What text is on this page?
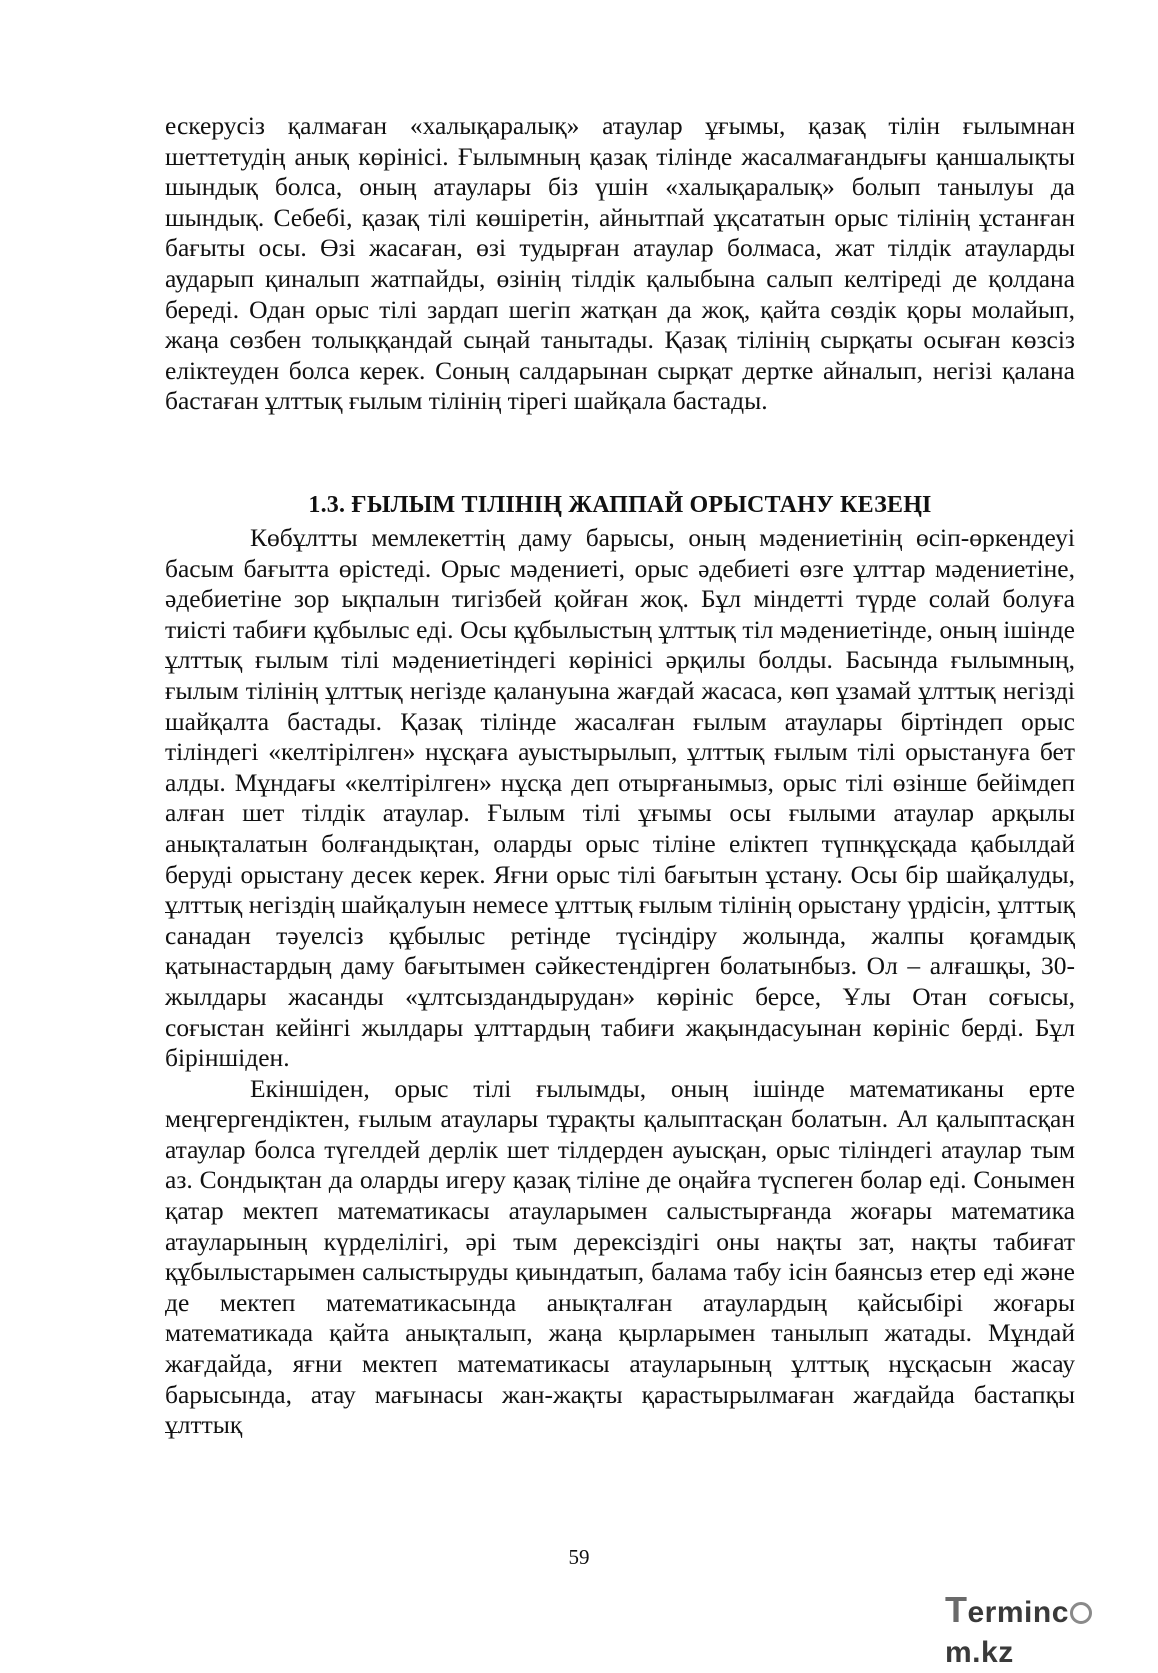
ескерусіз қалмаған «халықаралық» атаулар ұғымы, қазақ тілін ғылымнан шеттетудің анық көрінісі. Ғылымның қазақ тілінде жасалмағандығы қаншалықты шындық болса, оның атаулары біз үшін «халықаралық» болып танылуы да шындық. Себебі, қазақ тілі көшіретін, айнытпай ұқсататын орыс тілінің ұстанған бағыты осы. Өзі жасаған, өзі тудырған атаулар болмаса, жат тілдік атауларды аударып қиналып жатпайды, өзінің тілдік қалыбына салып келтіреді де қолдана береді. Одан орыс тілі зардап шегіп жатқан да жоқ, қайта сөздік қоры молайып, жаңа сөзбен толыққандай сыңай танытады. Қазақ тілінің сырқаты осыған көзсіз еліктеуден болса керек. Соның салдарынан сырқат дертке айналып, негізі қалана бастаған ұлттық ғылым тілінің тірегі шайқала бастады.
1.3. ҒЫЛЫМ ТІЛІНІҢ ЖАППАЙ ОРЫСТАНУ КЕЗЕҢІ

Көбұлтты мемлекеттің даму барысы, оның мәдениетінің өсіп-өркендеуі басым бағытта өрістеді. Орыс мәдениеті, орыс әдебиеті өзге ұлттар мәдениетіне, әдебиетіне зор ықпалын тигізбей қойған жоқ. Бұл міндетті түрде солай болуға тиісті табиғи құбылыс еді. Осы құбылыстың ұлттық тіл мәдениетінде, оның ішінде ұлттық ғылым тілі мәдениетіндегі көрінісі әрқилы болды. Басында ғылымның, ғылым тілінің ұлттық негізде қалануына жағдай жасаса, көп ұзамай ұлттық негізді шайқалта бастады. Қазақ тілінде жасалған ғылым атаулары біртіндеп орыс тіліндегі «келтірілген» нұсқаға ауыстырылып, ұлттық ғылым тілі орыстануға бет алды. Мұндағы «келтірілген» нұсқа деп отырғанымыз, орыс тілі өзінше бейімдеп алған шет тілдік атаулар. Ғылым тілі ұғымы осы ғылыми атаулар арқылы анықталатын болғандықтан, оларды орыс тіліне еліктеп түпнқұсқада қабылдай беруді орыстану десек керек. Яғни орыс тілі бағытын ұстану. Осы бір шайқалуды, ұлттық негіздің шайқалуын немесе ұлттық ғылым тілінің орыстану үрдісін, ұлттық санадан тәуелсіз құбылыс ретінде түсіндіру жолында, жалпы қоғамдық қатынастардың даму бағытымен сәйкестендірген болатынбыз. Ол – алғашқы, 30-жылдары жасанды «ұлтсыздандырудан» көрініс берсе, Ұлы Отан соғысы, соғыстан кейінгі жылдары ұлттардың табиғи жақындасуынан көрініс берді. Бұл біріншіден.

Екіншіден, орыс тілі ғылымды, оның ішінде математиканы ерте меңгергендіктен, ғылым атаулары тұрақты қалыптасқан болатын. Ал қалыптасқан атаулар болса түгелдей дерлік шет тілдерден ауысқан, орыс тіліндегі атаулар тым аз. Сондықтан да оларды игеру қазақ тіліне де оңайға түспеген болар еді. Сонымен қатар мектеп математикасы атауларымен салыстырғанда жоғары математика атауларының күрделілігі, әрі тым дерексіздігі оны нақты зат, нақты табиғат құбылыстарымен салыстыруды қиындатып, балама табу ісін баянсыз етер еді және де мектеп математикасында анықталған атаулардың қайсыбірі жоғары математикада қайта анықталып, жаңа қырларымен танылып жатады. Мұндай жағдайда, яғни мектеп математикасы атауларының ұлттық нұсқасын жасау барысында, атау мағынасы жан-жақты қарастырылмаған жағдайда бастапқы ұлттық

59
Termincm.kz
